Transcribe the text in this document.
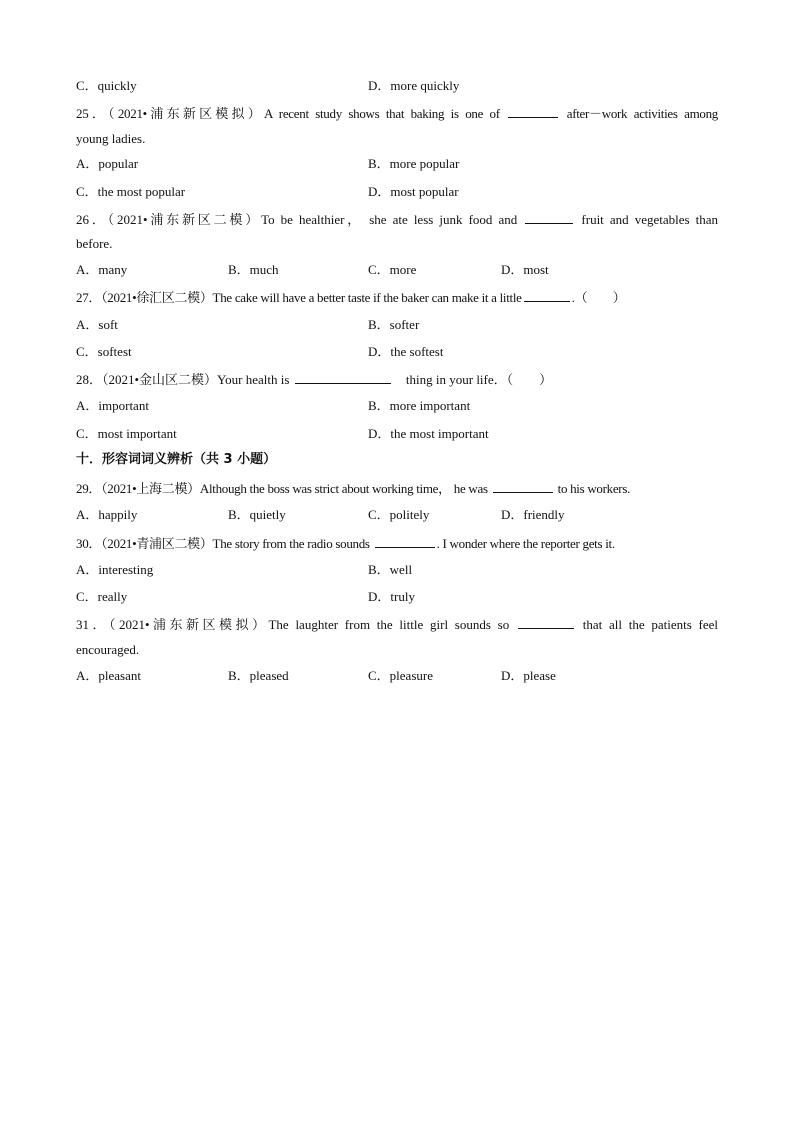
C．quickly	D．more quickly
25．（2021•浦东新区模拟）A recent study shows that baking is one of	after－work activities among
young ladies.
A．popular	B．more popular
C．the most popular	D．most popular
26．（2021•浦东新区二模）To be healthier， she ate less junk food and	fruit and vegetables than
before.
A．many	B．much	C．more	D．most
27．（2021•徐汇区二模）The cake will have a better taste if the baker can make it a little	.（　　）
A．soft	B．softer
C．softest	D．the softest
28．（2021•金山区二模）Your health is	thing in your life．（　　）
A．important	B．more important
C．most important	D．the most important
十．形容词词义辨析（共 3 小题）
29．（2021•上海二模）Although the boss was strict about working time， he was	to his workers.
A．happily	B．quietly	C．politely	D．friendly
30．（2021•青浦区二模）The story from the radio sounds	. I wonder where the reporter gets it.
A．interesting	B．well
C．really	D．truly
31．（2021•浦东新区模拟）The laughter from the little girl sounds so	that all the patients feel
encouraged.
A．pleasant	B．pleased	C．pleasure	D．please
